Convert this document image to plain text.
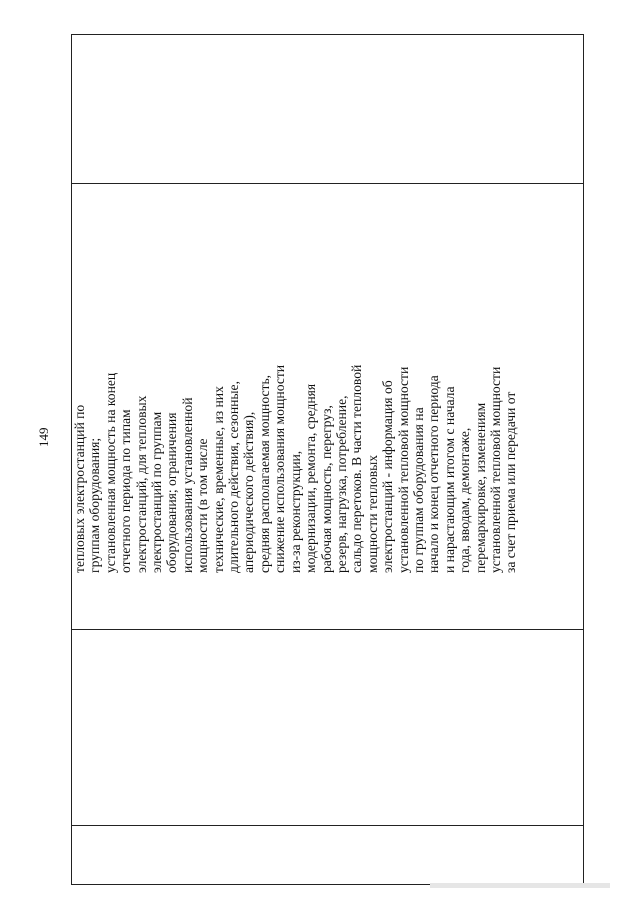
149 тепловых электростанций по группам оборудования; установленная мощность на конец отчетного периода по типам электростанций, для тепловых электростанций по группам оборудования; ограничения использования установленной мощности (в том числе технические, временные, из них длительного действия, сезонные, апериодического действия), средняя располагаемая мощность, снижение использования мощности из-за реконструкции, модернизации, ремонта, средняя рабочая мощность, перегруз, резерв, нагрузка, потребление, сальдо перетоков. В части тепловой мощности тепловых электростанций - информация об установленной тепловой мощности по группам оборудования на начало и конец отчетного периода и нарастающим итогом с начала года, вводам, демонтаже, перемаркировке, изменениям установленной тепловой мощности за счет приема или передачи от
